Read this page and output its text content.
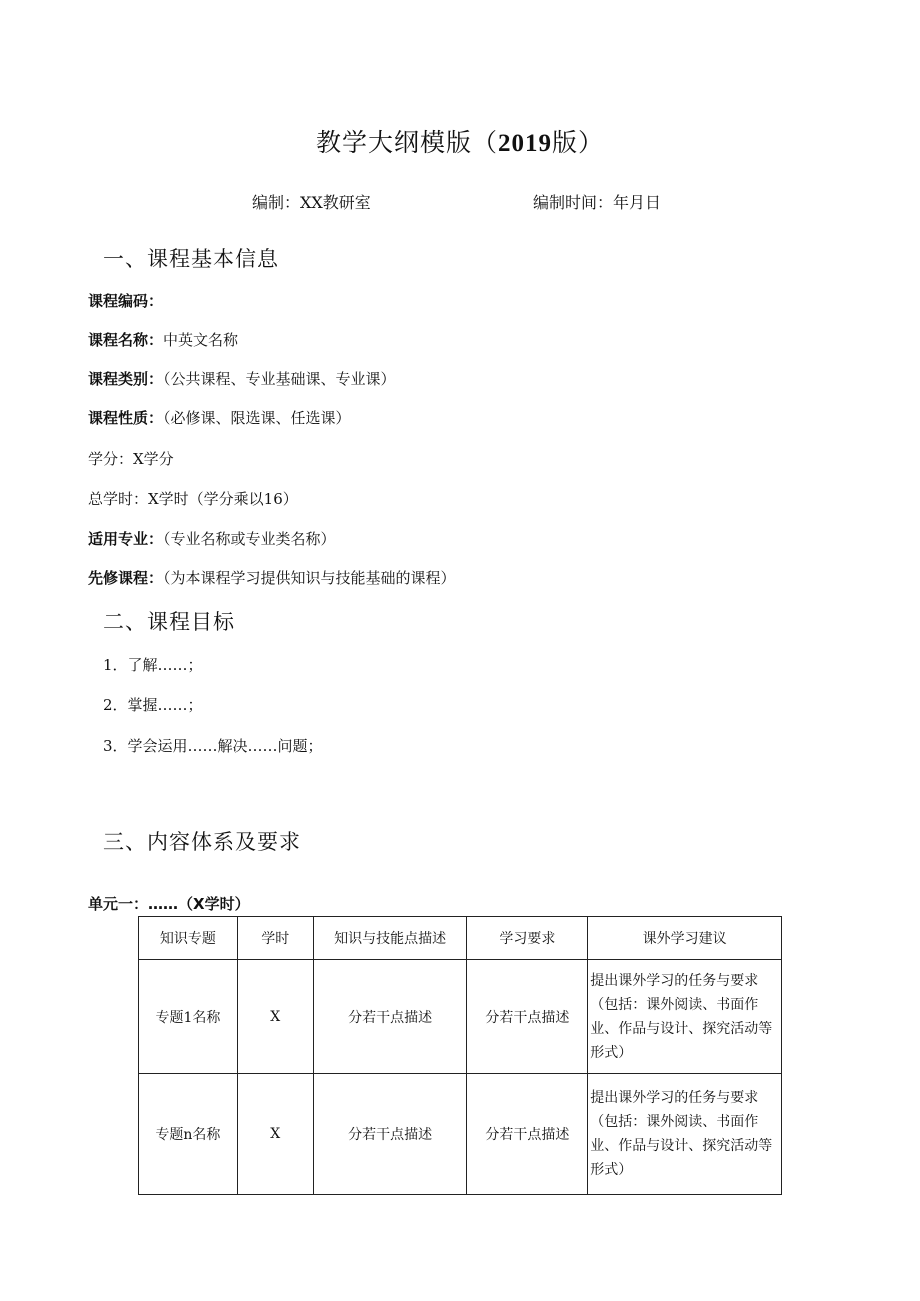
教学大纲模版（2019版）
编制：XX教研室	编制时间：年月日
一、课程基本信息
课程编码：
课程名称：中英文名称
课程类别：（公共课程、专业基础课、专业课）
课程性质：（必修课、限选课、任选课）
学分：X学分
总学时：X学时（学分乘以16）
适用专业：（专业名称或专业类名称）
先修课程：（为本课程学习提供知识与技能基础的课程）
二、课程目标
1．了解……；
2．掌握……；
3．学会运用……解决……问题；
三、内容体系及要求
单元一：……（X学时）
知识专题	学时	知识与技能点描述	学习要求	课外学习建议
专题1名称	X	分若干点描述	分若干点描述	提出课外学习的任务与要求（包括：课外阅读、书面作业、作品与设计、探究活动等形式）
专题n名称	X	分若干点描述	分若干点描述	提出课外学习的任务与要求（包括：课外阅读、书面作业、作品与设计、探究活动等形式）
